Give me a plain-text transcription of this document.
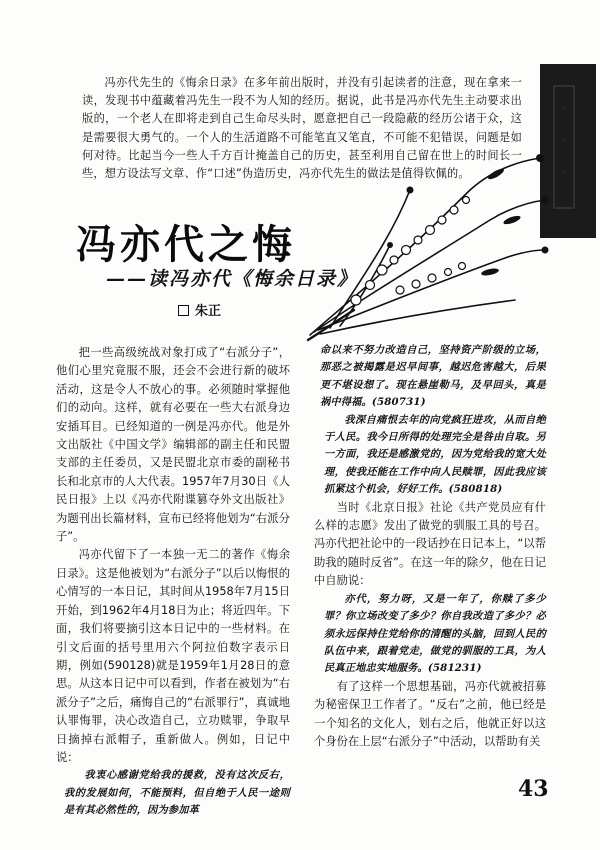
·
·
·

冯亦代先生的《悔余日录》在多年前出版时，并没有引起读者的注意，现在拿来一读，发现书中蕴藏着冯先生一段不为人知的经历。据说，此书是冯亦代先生主动要求出版的，一个老人在即将走到自己生命尽头时，愿意把自己一段隐蔽的经历公诸于众，这是需要很大勇气的。一个人的生活道路不可能笔直又笔直，不可能不犯错误，问题是如何对待。比起当今一些人千方百计掩盖自己的历史，甚至利用自己留在世上的时间长一些，想方设法写文章、作“口述”伪造历史，冯亦代先生的做法是值得钦佩的。

冯亦代之悔
——读冯亦代《悔余日录》
朱正

把一些高级统战对象打成了“右派分子”，他们心里究竟服不服，还会不会进行新的破坏活动，这是令人不放心的事。必须随时掌握他们的动向。这样，就有必要在一些大右派身边安插耳目。已经知道的一例是冯亦代。他是外文出版社《中国文学》编辑部的副主任和民盟支部的主任委员，又是民盟北京市委的副秘书长和北京市的人大代表。1957年7月30日《人民日报》上以《冯亦代附谍篡夺外文出版社》为题刊出长篇材料，宣布已经将他划为“右派分子”。

冯亦代留下了一本独一无二的著作《悔余日录》。这是他被划为“右派分子”以后以悔恨的心情写的一本日记，其时间从1958年7月15日开始，到1962年4月18日为止；将近四年。下面，我们将要摘引这本日记中的一些材料。在引文后面的括号里用六个阿拉伯数字表示日期，例如(590128)就是1959年1月28日的意思。从这本日记中可以看到，作者在被划为“右派分子”之后，痛悔自己的“右派罪行”，真诚地认罪悔罪，决心改造自己，立功赎罪，争取早日摘掉右派帽子，重新做人。例如，日记中说：

我衷心感谢党给我的援救，没有这次反右，我的发展如何，不能预料，但自绝于人民一途则是有其必然性的，因为参加革
命以来不努力改造自己，坚持资产阶级的立场，那恶之被揭露是迟早间事，越迟危害越大，后果更不堪设想了。现在悬崖勒马，及早回头，真是祸中得福。(580731)
我深自痛恨去年的向党疯狂进攻，从而自绝于人民。我今日所得的处理完全是咎由自取。另一方面，我还是感激党的，因为党给我的宽大处理，使我还能在工作中向人民赎罪，因此我应该抓紧这个机会，好好工作。(580818)

当时《北京日报》社论《共产党员应有什么样的志愿》发出了做党的驯服工具的号召。冯亦代把社论中的一段话抄在日记本上，“以帮助我的随时反省”。在这一年的除夕，他在日记中自励说：

亦代，努力呀，又是一年了，你赎了多少罪？你立场改变了多少？你自我改造了多少？必须永远保持住党给你的清醒的头脑，回到人民的队伍中来，跟着党走，做党的驯服的工具，为人民真正地忠实地服务。(581231)

有了这样一个思想基础，冯亦代就被招募为秘密保卫工作者了。“反右”之前，他已经是一个知名的文化人，划右之后，他就正好以这个身份在上层“右派分子”中活动，以帮助有关

43
